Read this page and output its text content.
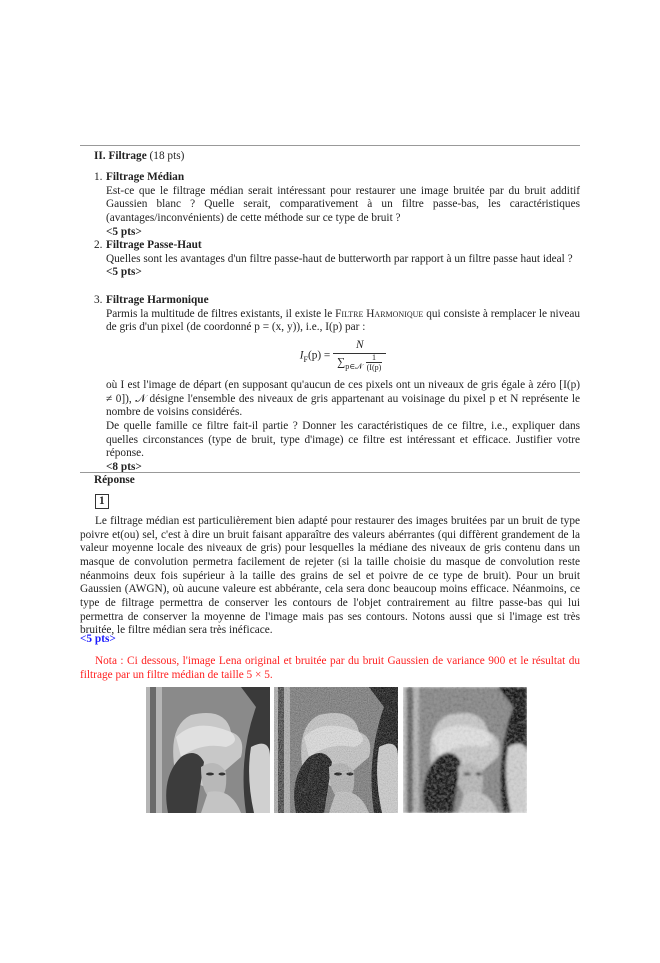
II. Filtrage (18 pts)
1. Filtrage Médian
Est-ce que le filtrage médian serait intéressant pour restaurer une image bruitée par du bruit additif Gaussien blanc ? Quelle serait, comparativement à un filtre passe-bas, les caractéristiques (avantages/inconvénients) de cette méthode sur ce type de bruit ?
<5 pts>
2. Filtrage Passe-Haut
Quelles sont les avantages d'un filtre passe-haut de butterworth par rapport à un filtre passe haut ideal ?
<5 pts>
3. Filtrage Harmonique
Parmis la multitude de filtres existants, il existe le Filtre Harmonique qui consiste à remplacer le niveau de gris d'un pixel (de coordonné p = (x, y)), i.e., I(p) par :
$I_F(p) = \frac{N}{\sum_{p\in 𝒩} \frac{1}{(I(p)}}$
où I est l'image de départ (en supposant qu'aucun de ces pixels ont un niveaux de gris égale à zéro [I(p) ≠ 0]), 𝒩 désigne l'ensemble des niveaux de gris appartenant au voisinage du pixel p et N représente le nombre de voisins considérés.
De quelle famille ce filtre fait-il partie ? Donner les caractéristiques de ce filtre, i.e., expliquer dans quelles circonstances (type de bruit, type d'image) ce filtre est intéressant et efficace. Justifier votre réponse.
<8 pts>
Réponse
1
Le filtrage médian est particulièrement bien adapté pour restaurer des images bruitées par un bruit de type poivre et(ou) sel, c'est à dire un bruit faisant apparaître des valeurs abérrantes (qui diffèrent grandement de la valeur moyenne locale des niveaux de gris) pour lesquelles la médiane des niveaux de gris contenu dans un masque de convolution permetra facilement de rejeter (si la taille choisie du masque de convolution reste néanmoins deux fois supérieur à la taille des grains de sel et poivre de ce type de bruit). Pour un bruit Gaussien (AWGN), où aucune valeure est abbérante, cela sera donc beaucoup moins efficace. Néanmoins, ce type de filtrage permettra de conserver les contours de l'objet contrairement au filtre passe-bas qui lui permettra de conserver la moyenne de l'image mais pas ses contours. Notons aussi que si l'image est très bruitée, le filtre médian sera très inéficace.
<5 pts>
Nota : Ci dessous, l'image Lena original et bruitée par du bruit Gaussien de variance 900 et le résultat du filtrage par un filtre médian de taille 5 × 5.
